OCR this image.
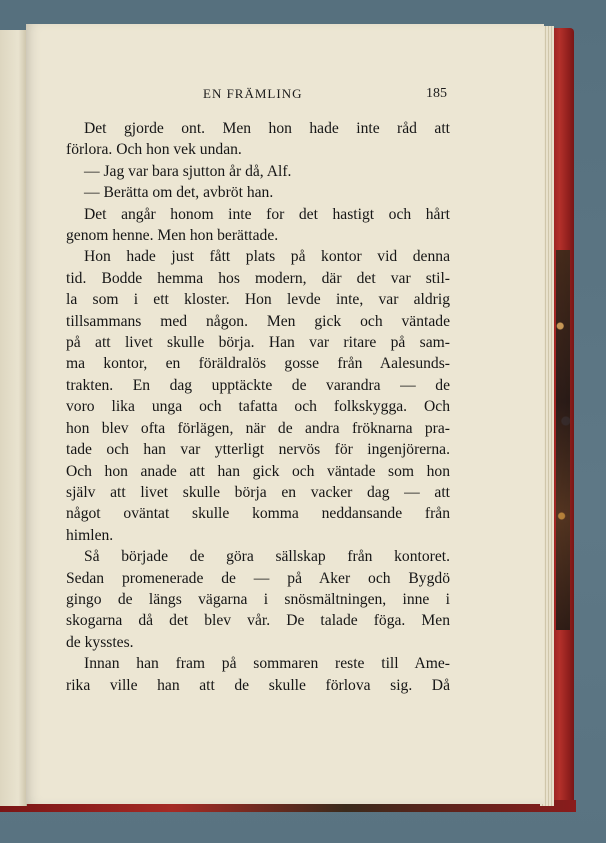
EN FRÄMLING	185
Det gjorde ont. Men hon hade inte råd att
förlora. Och hon vek undan.
— Jag var bara sjutton år då, Alf.
— Berätta om det, avbröt han.
Det angår honom inte for det hastigt och hårt
genom henne. Men hon berättade.
Hon hade just fått plats på kontor vid denna
tid. Bodde hemma hos modern, där det var stil-
la som i ett kloster. Hon levde inte, var aldrig
tillsammans med någon. Men gick och väntade
på att livet skulle börja. Han var ritare på sam-
ma kontor, en föräldralös gosse från Aalesunds-
trakten. En dag upptäckte de varandra — de
voro lika unga och tafatta och folkskygga. Och
hon blev ofta förlägen, när de andra fröknarna pra-
tade och han var ytterligt nervös för ingenjörerna.
Och hon anade att han gick och väntade som hon
själv att livet skulle börja en vacker dag — att
något oväntat skulle komma neddansande från
himlen.
Så började de göra sällskap från kontoret.
Sedan promenerade de — på Aker och Bygdö
gingo de längs vägarna i snösmältningen, inne i
skogarna då det blev vår. De talade föga. Men
de kysstes.
Innan han fram på sommaren reste till Ame-
rika ville han att de skulle förlova sig. Då
